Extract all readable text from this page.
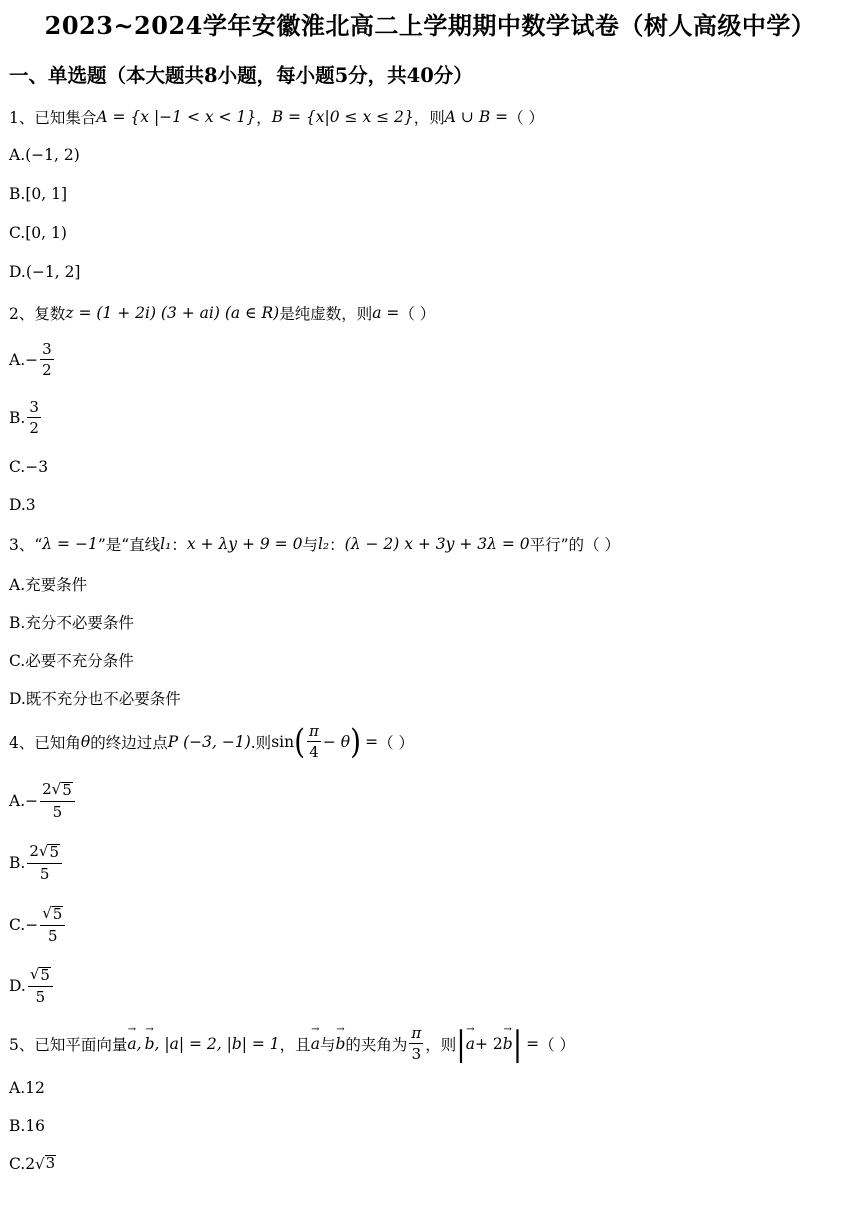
2023~2024学年安徽淮北高二上学期期中数学试卷（树人高级中学）
一、单选题（本大题共8小题，每小题5分，共40分）
1、已知集合 A = {x |−1 < x < 1} ， B = {x|0 ≤ x ≤ 2} ，则 A ∪ B = （ ）
A. (−1, 2)
B. [0, 1]
C. [0, 1)
D. (−1, 2]
2、复数 z = (1 + 2i) (3 + ai) (a ∈ R) 是纯虚数，则 a = （ ）
A. − $\frac{3}{2}$
B. $\frac{3}{2}$
C.−3
D.3
3、“ λ = −1 ”是“直线 l₁ ： x + λy + 9 = 0 与 l₂ ： (λ − 2) x + 3y + 3λ = 0 平行”的 （ ）
A.充要条件
B.充分不必要条件
C.必要不充分条件
D.既不充分也不必要条件
4、已知角 θ 的终边过点 P (−3, −1) .则 sin ( $\frac{\pi}{4} - \theta$ ) = （ ）
A. − $\frac{2 √ 5}{5}$
B. $\frac{2 √ 5}{5}$
C. − $\frac{√ 5}{5}$
D. $\frac{√ 5}{5}$
5、已知平面向量 a → , b → , |a| = 2, |b| = 1 ，且 a → 与 b → 的夹角为 $\frac{\pi}{3}$ ，则 | a → + 2 b → | = （ ）
A.12
B.16
C. 2 √ 3
